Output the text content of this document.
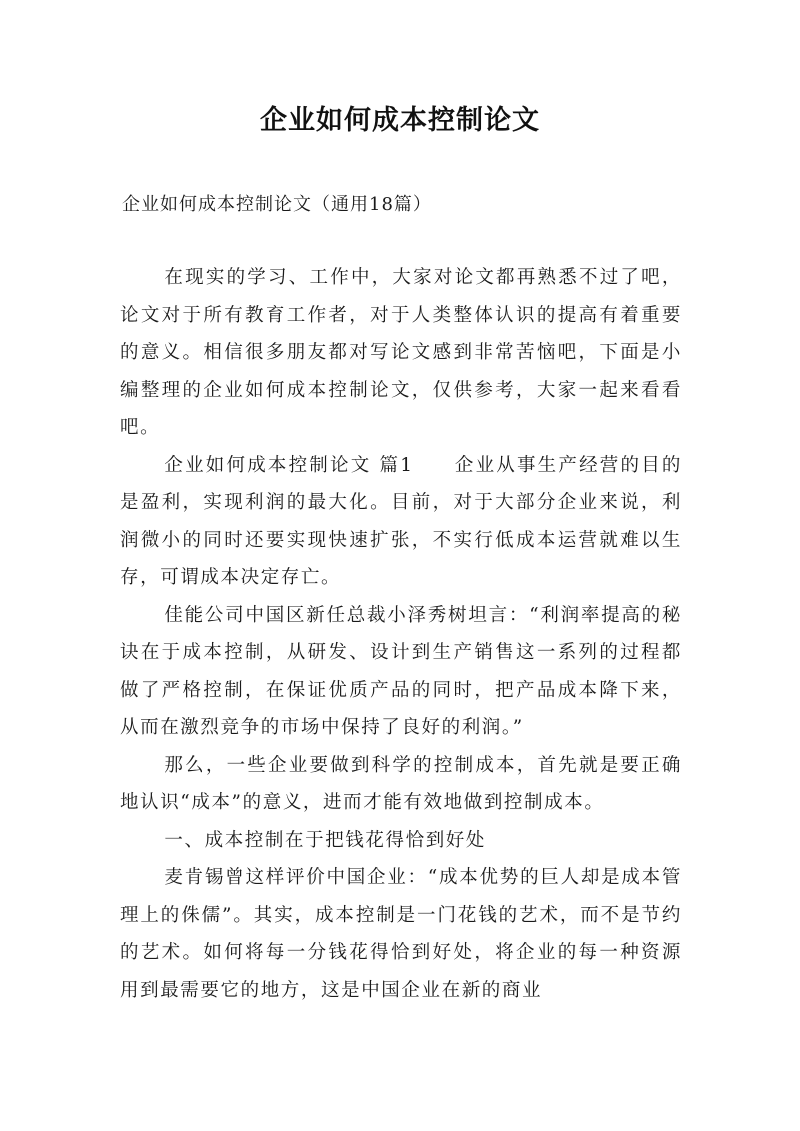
企业如何成本控制论文

企业如何成本控制论文（通用18篇）

在现实的学习、工作中，大家对论文都再熟悉不过了吧，论文对于所有教育工作者，对于人类整体认识的提高有着重要的意义。相信很多朋友都对写论文感到非常苦恼吧，下面是小编整理的企业如何成本控制论文，仅供参考，大家一起来看看吧。

企业如何成本控制论文 篇1 企业从事生产经营的目的是盈利，实现利润的最大化。目前，对于大部分企业来说，利润微小的同时还要实现快速扩张，不实行低成本运营就难以生存，可谓成本决定存亡。

佳能公司中国区新任总裁小泽秀树坦言：“利润率提高的秘诀在于成本控制，从研发、设计到生产销售这一系列的过程都做了严格控制，在保证优质产品的同时，把产品成本降下来，从而在激烈竞争的市场中保持了良好的利润。”

那么，一些企业要做到科学的控制成本，首先就是要正确地认识“成本”的意义，进而才能有效地做到控制成本。

一、成本控制在于把钱花得恰到好处

麦肯锡曾这样评价中国企业：“成本优势的巨人却是成本管理上的侏儒”。其实，成本控制是一门花钱的艺术，而不是节约的艺术。如何将每一分钱花得恰到好处，将企业的每一种资源用到最需要它的地方，这是中国企业在新的商业
